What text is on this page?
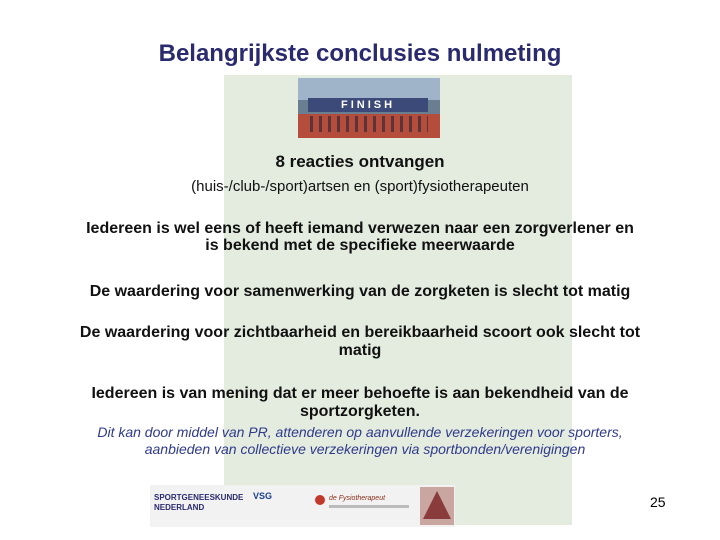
Belangrijkste conclusies nulmeting
FINISH
8 reacties ontvangen
(huis-/club-/sport)artsen en (sport)fysiotherapeuten
Iedereen is wel eens of heeft iemand verwezen naar een zorgverlener en
is bekend met de specifieke meerwaarde
De waardering voor samenwerking van de zorgketen is slecht tot matig
De waardering voor zichtbaarheid en bereikbaarheid scoort ook slecht tot
matig
Iedereen is van mening dat er meer behoefte is aan bekendheid van de
sportzorgketen.
Dit kan door middel van PR, attenderen op aanvullende verzekeringen voor sporters,
aanbieden van collectieve verzekeringen via sportbonden/verenigingen
SPORTGENEESKUNDE
NEDERLAND
VSG	de Fysiotherapeut	25
